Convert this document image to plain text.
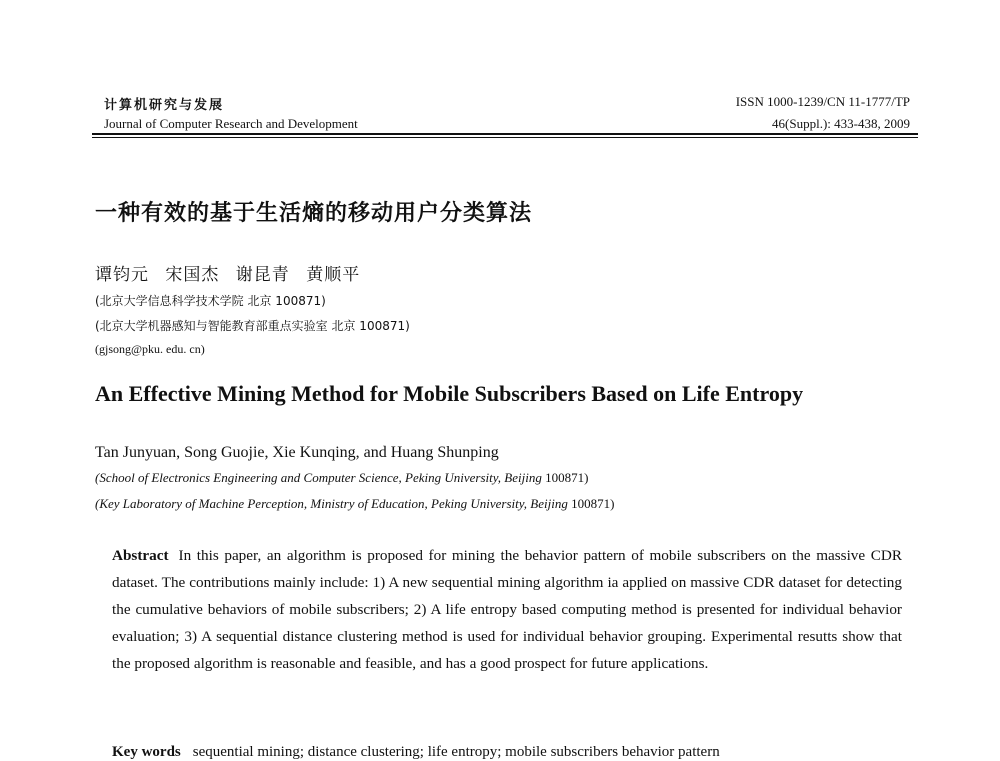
计算机研究与发展
Journal of Computer Research and Development
ISSN 1000-1239/CN 11-1777/TP
46(Suppl.): 433-438, 2009
一种有效的基于生活熵的移动用户分类算法
谭钧元 宋国杰 谢昆青 黄顺平
(北京大学信息科学技术学院 北京 100871)
(北京大学机器感知与智能教育部重点实验室 北京 100871)
(gjsong@pku. edu. cn)
An Effective Mining Method for Mobile Subscribers Based on Life Entropy
Tan Junyuan, Song Guojie, Xie Kunqing, and Huang Shunping
(School of Electronics Engineering and Computer Science, Peking University, Beijing 100871)
(Key Laboratory of Machine Perception, Ministry of Education, Peking University, Beijing 100871)
Abstract In this paper, an algorithm is proposed for mining the behavior pattern of mobile subscribers on the massive CDR dataset. The contributions mainly include: 1) A new sequential mining algorithm ia applied on massive CDR dataset for detecting the cumulative behaviors of mobile subscribers; 2) A life entropy based computing method is presented for individual behavior evaluation; 3) A sequential distance clustering method is used for individual behavior grouping. Experimental resutts show that the proposed algorithm is reasonable and feasible, and has a good prospect for future applications.
Key words sequential mining; distance clustering; life entropy; mobile subscribers behavior pattern
